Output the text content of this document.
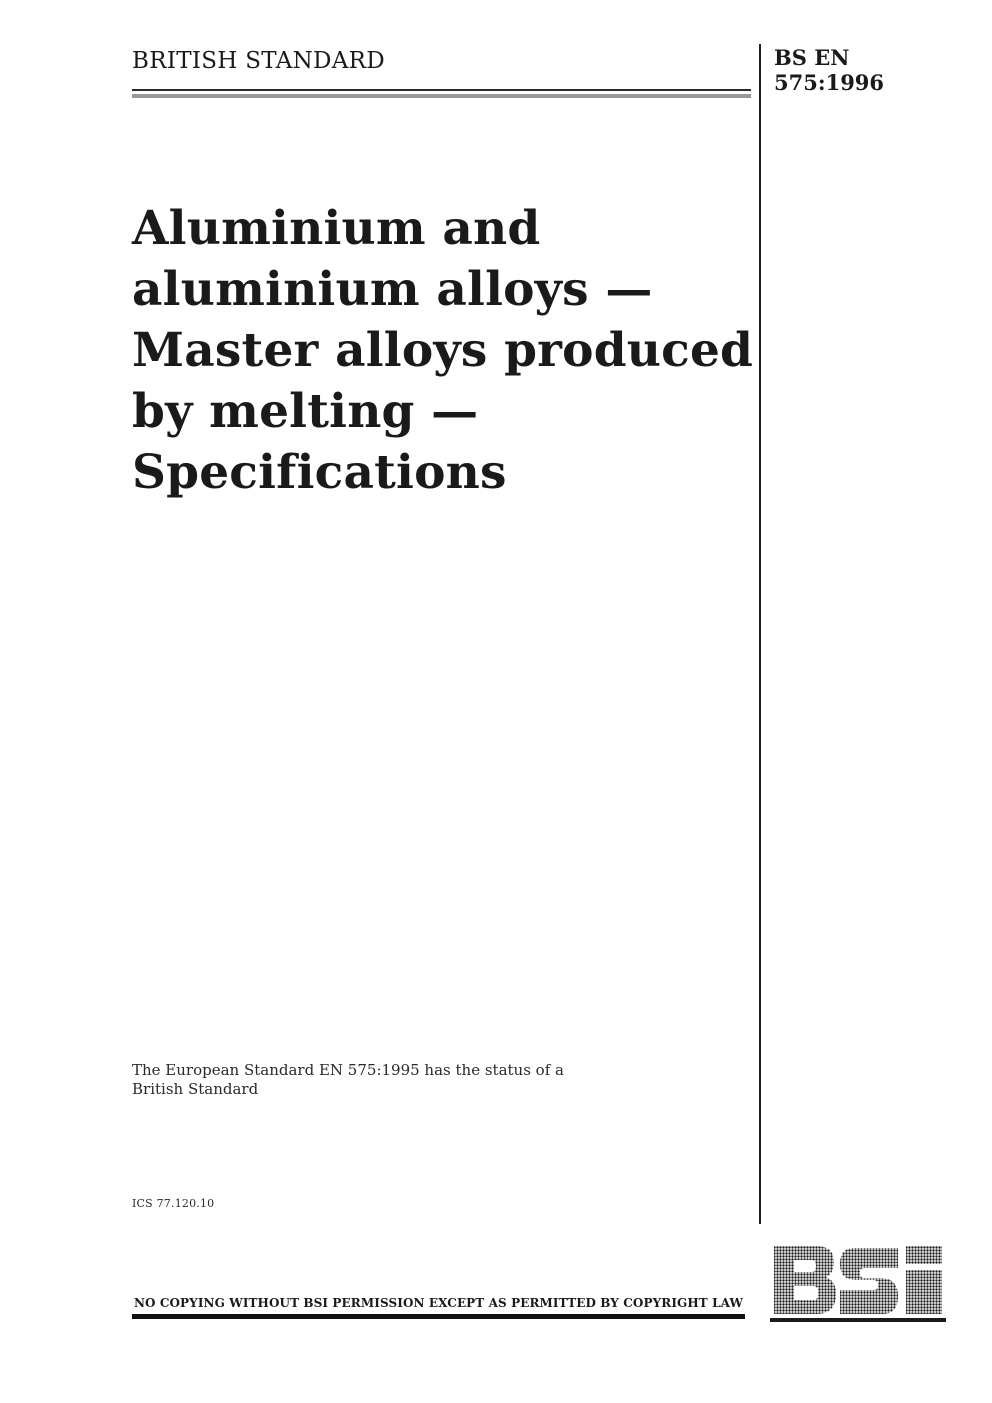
BRITISH STANDARD	BS EN
575:1996
Aluminium and
aluminium alloys —
Master alloys produced
by melting —
Specifications
The European Standard EN 575:1995 has the status of a
British Standard
ICS 77.120.10
NO COPYING WITHOUT BSI PERMISSION EXCEPT AS PERMITTED BY COPYRIGHT LAW
